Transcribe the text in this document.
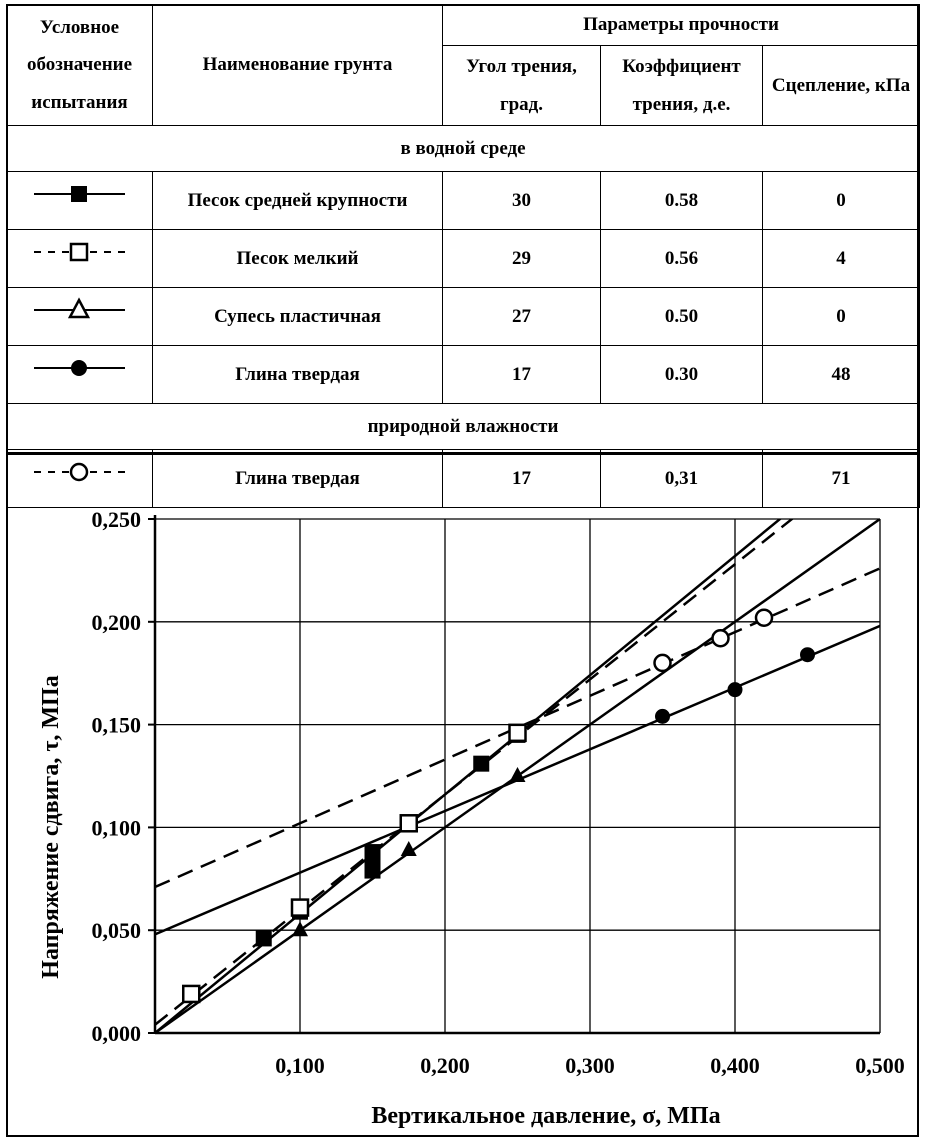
Условное обозначение испытания	Наименование грунта	Параметры прочности		
		Угол трения, град.	Коэффициент трения, д.е.	Сцепление, кПа
в водной среде				
	Песок средней крупности	30	0.58	0
	Песок мелкий	29	0.56	4
	Супесь пластичная	27	0.50	0
	Глина твердая	17	0.30	48
природной влажности				
	Глина твердая	17	0,31	71
0,100	0,200	0,300	0,400	0,500
0,000
0,050
0,100
0,150
0,200
0,250
Вертикальное давление, σ, МПа
Напряжение сдвига, τ, МПа
